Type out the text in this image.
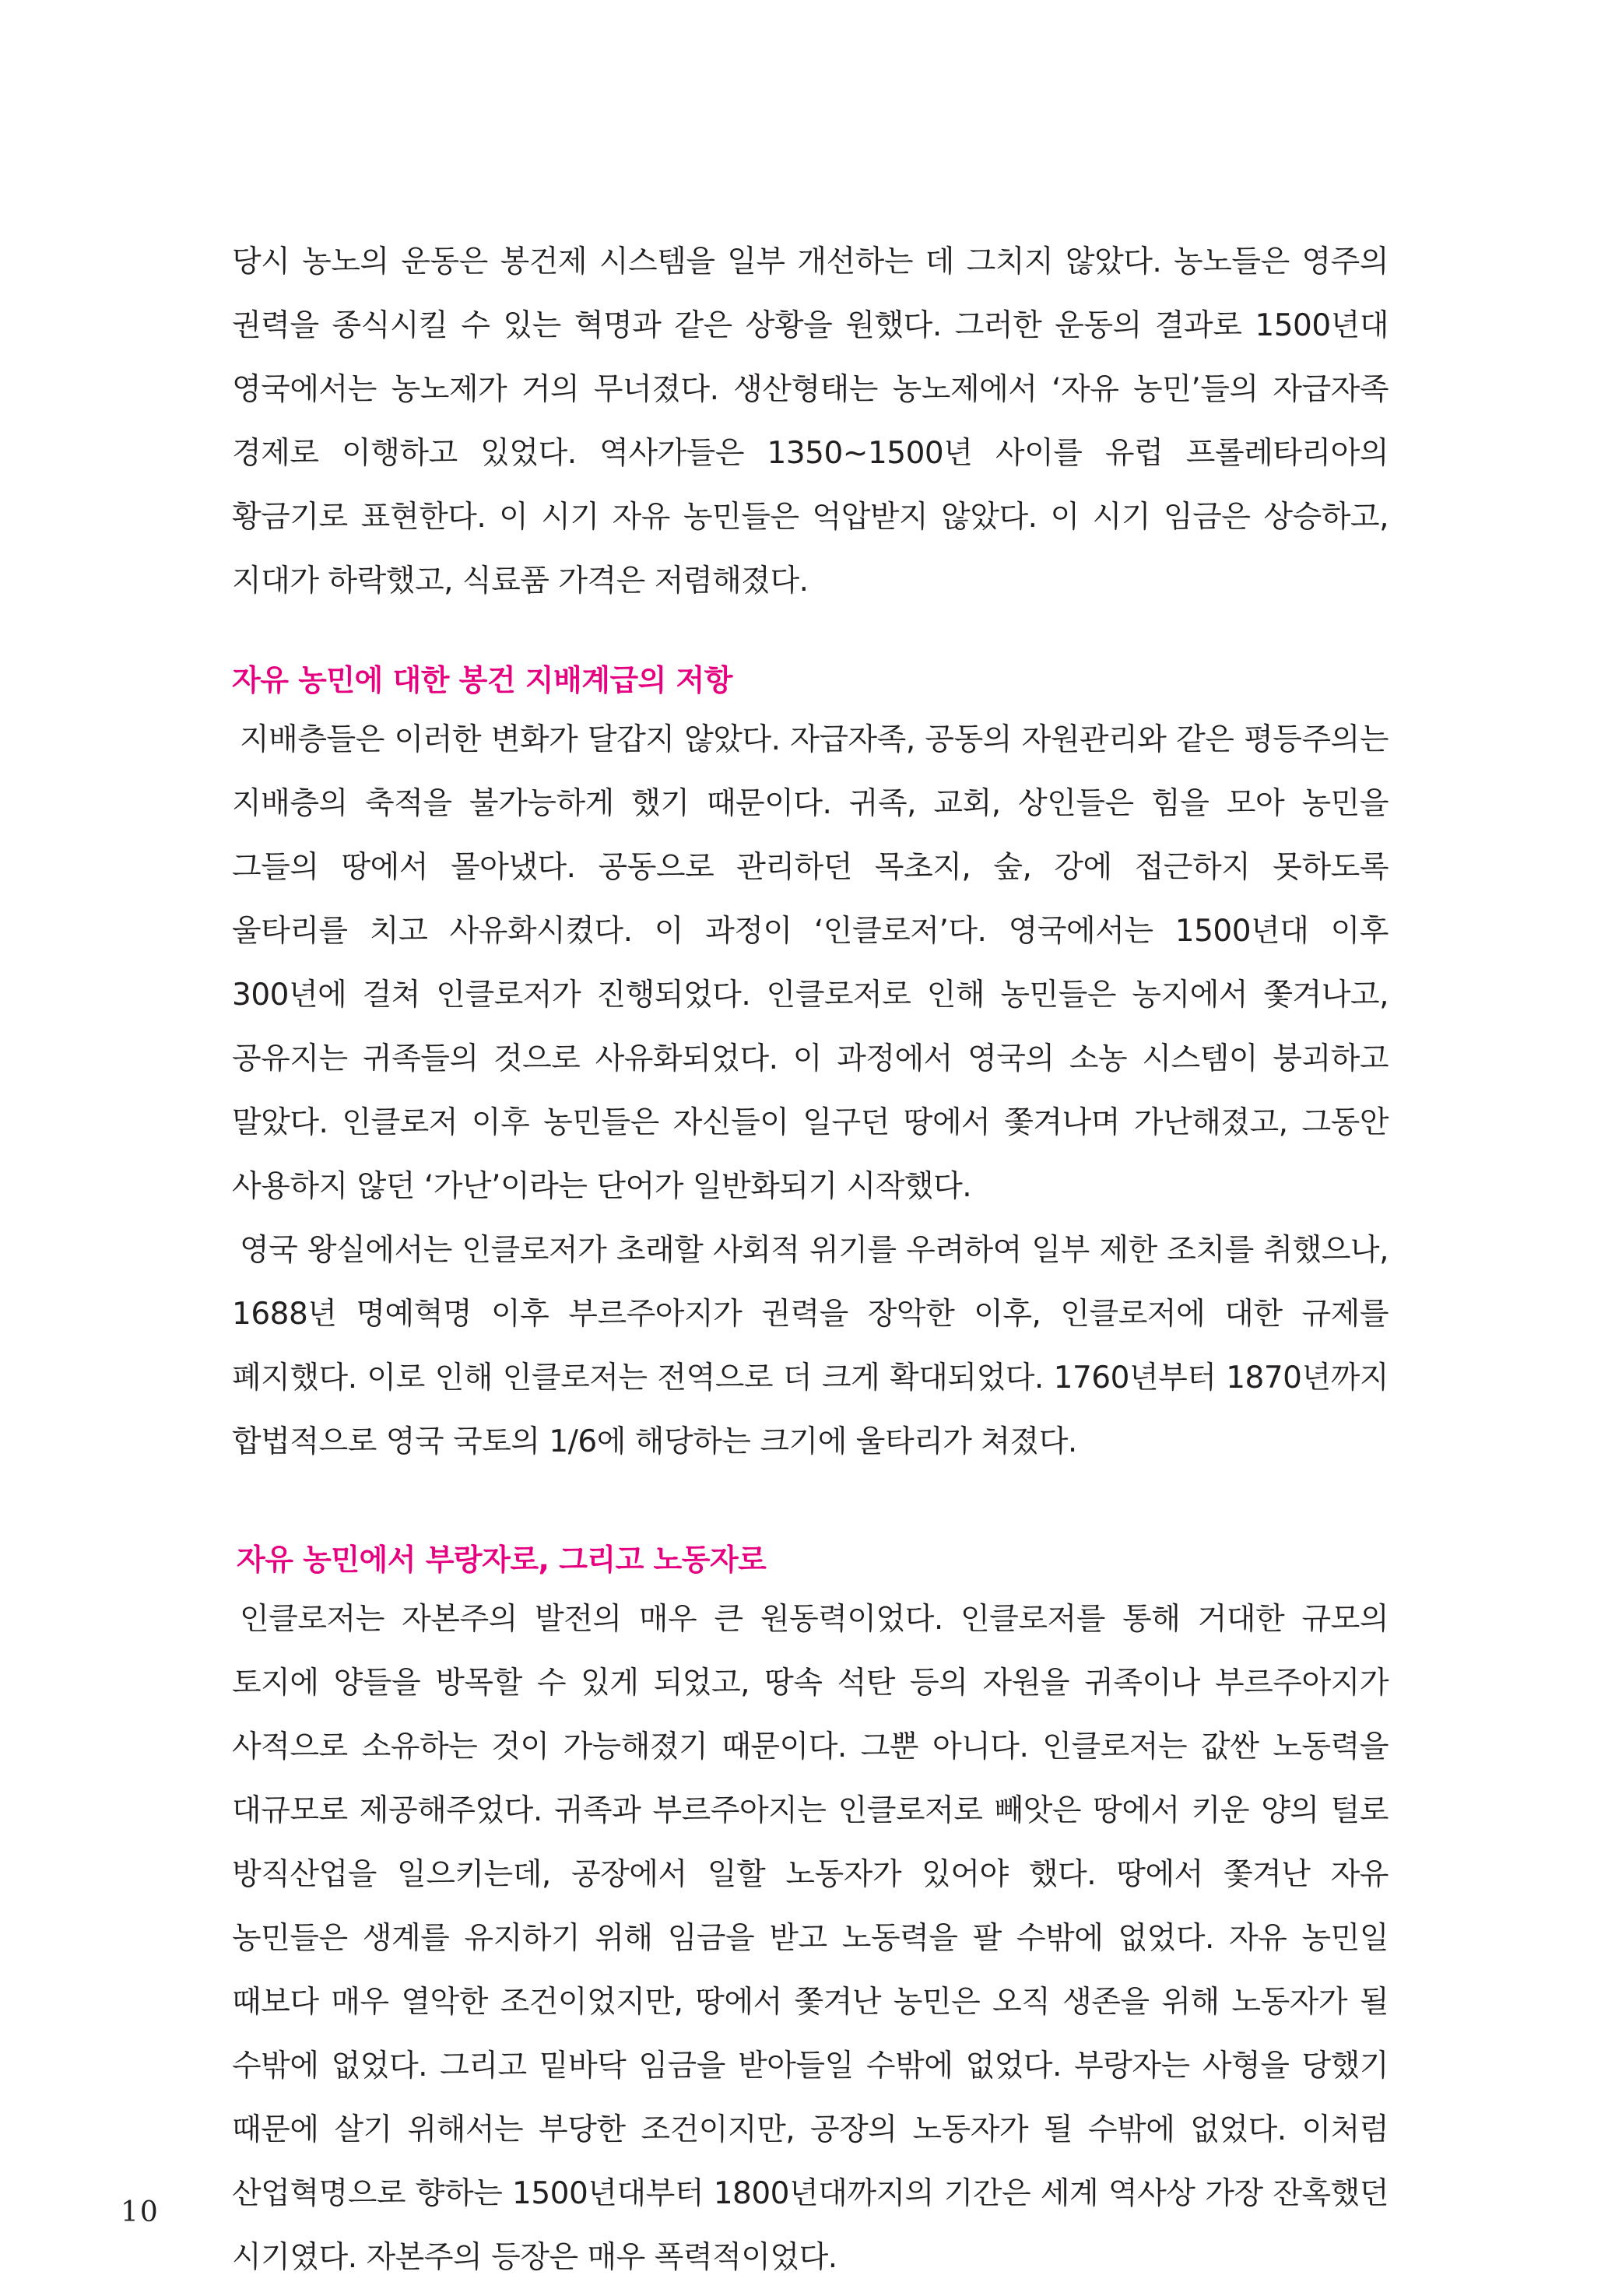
당시 농노의 운동은 봉건제 시스템을 일부 개선하는 데 그치지 않았다. 농노들은 영주의 권력을 종식시킬 수 있는 혁명과 같은 상황을 원했다. 그러한 운동의 결과로 1500년대 영국에서는 농노제가 거의 무너졌다. 생산형태는 농노제에서 ‘자유 농민’들의 자급자족 경제로 이행하고 있었다. 역사가들은 1350~1500년 사이를 유럽 프롤레타리아의 황금기로 표현한다. 이 시기 자유 농민들은 억압받지 않았다. 이 시기 임금은 상승하고, 지대가 하락했고, 식료품 가격은 저렴해졌다.

자유 농민에 대한 봉건 지배계급의 저항

지배층들은 이러한 변화가 달갑지 않았다. 자급자족, 공동의 자원관리와 같은 평등주의는 지배층의 축적을 불가능하게 했기 때문이다. 귀족, 교회, 상인들은 힘을 모아 농민을 그들의 땅에서 몰아냈다. 공동으로 관리하던 목초지, 숲, 강에 접근하지 못하도록 울타리를 치고 사유화시켰다. 이 과정이 ‘인클로저’다. 영국에서는 1500년대 이후 300년에 걸쳐 인클로저가 진행되었다. 인클로저로 인해 농민들은 농지에서 쫓겨나고, 공유지는 귀족들의 것으로 사유화되었다. 이 과정에서 영국의 소농 시스템이 붕괴하고 말았다. 인클로저 이후 농민들은 자신들이 일구던 땅에서 쫓겨나며 가난해졌고, 그동안 사용하지 않던 ‘가난’이라는 단어가 일반화되기 시작했다.

영국 왕실에서는 인클로저가 초래할 사회적 위기를 우려하여 일부 제한 조치를 취했으나, 1688년 명예혁명 이후 부르주아지가 권력을 장악한 이후, 인클로저에 대한 규제를 폐지했다. 이로 인해 인클로저는 전역으로 더 크게 확대되었다. 1760년부터 1870년까지 합법적으로 영국 국토의 1/6에 해당하는 크기에 울타리가 쳐졌다.

자유 농민에서 부랑자로, 그리고 노동자로

인클로저는 자본주의 발전의 매우 큰 원동력이었다. 인클로저를 통해 거대한 규모의 토지에 양들을 방목할 수 있게 되었고, 땅속 석탄 등의 자원을 귀족이나 부르주아지가 사적으로 소유하는 것이 가능해졌기 때문이다. 그뿐 아니다. 인클로저는 값싼 노동력을 대규모로 제공해주었다. 귀족과 부르주아지는 인클로저로 빼앗은 땅에서 키운 양의 털로 방직산업을 일으키는데, 공장에서 일할 노동자가 있어야 했다. 땅에서 쫓겨난 자유 농민들은 생계를 유지하기 위해 임금을 받고 노동력을 팔 수밖에 없었다. 자유 농민일 때보다 매우 열악한 조건이었지만, 땅에서 쫓겨난 농민은 오직 생존을 위해 노동자가 될 수밖에 없었다. 그리고 밑바닥 임금을 받아들일 수밖에 없었다. 부랑자는 사형을 당했기 때문에 살기 위해서는 부당한 조건이지만, 공장의 노동자가 될 수밖에 없었다. 이처럼 산업혁명으로 향하는 1500년대부터 1800년대까지의 기간은 세계 역사상 가장 잔혹했던 시기였다. 자본주의 등장은 매우 폭력적이었다.

10
